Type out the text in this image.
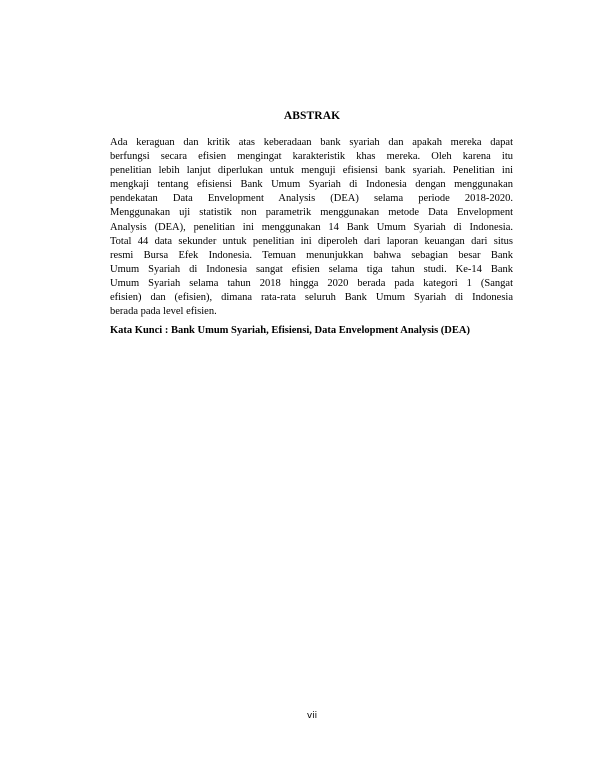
ABSTRAK
Ada keraguan dan kritik atas keberadaan bank syariah dan apakah mereka dapat
berfungsi secara efisien mengingat karakteristik khas mereka. Oleh karena itu
penelitian lebih lanjut diperlukan untuk menguji efisiensi bank syariah. Penelitian ini
mengkaji tentang efisiensi Bank Umum Syariah di Indonesia dengan menggunakan
pendekatan Data Envelopment Analysis (DEA) selama periode 2018-2020.
Menggunakan uji statistik non parametrik menggunakan metode Data Envelopment
Analysis (DEA), penelitian ini menggunakan 14 Bank Umum Syariah di Indonesia.
Total 44 data sekunder untuk penelitian ini diperoleh dari laporan keuangan dari situs
resmi Bursa Efek Indonesia. Temuan menunjukkan bahwa sebagian besar Bank
Umum Syariah di Indonesia sangat efisien selama tiga tahun studi. Ke-14 Bank
Umum Syariah selama tahun 2018 hingga 2020 berada pada kategori 1 (Sangat
efisien) dan (efisien), dimana rata-rata seluruh Bank Umum Syariah di Indonesia
berada pada level efisien.
Kata Kunci : Bank Umum Syariah, Efisiensi, Data Envelopment Analysis (DEA)
vii
